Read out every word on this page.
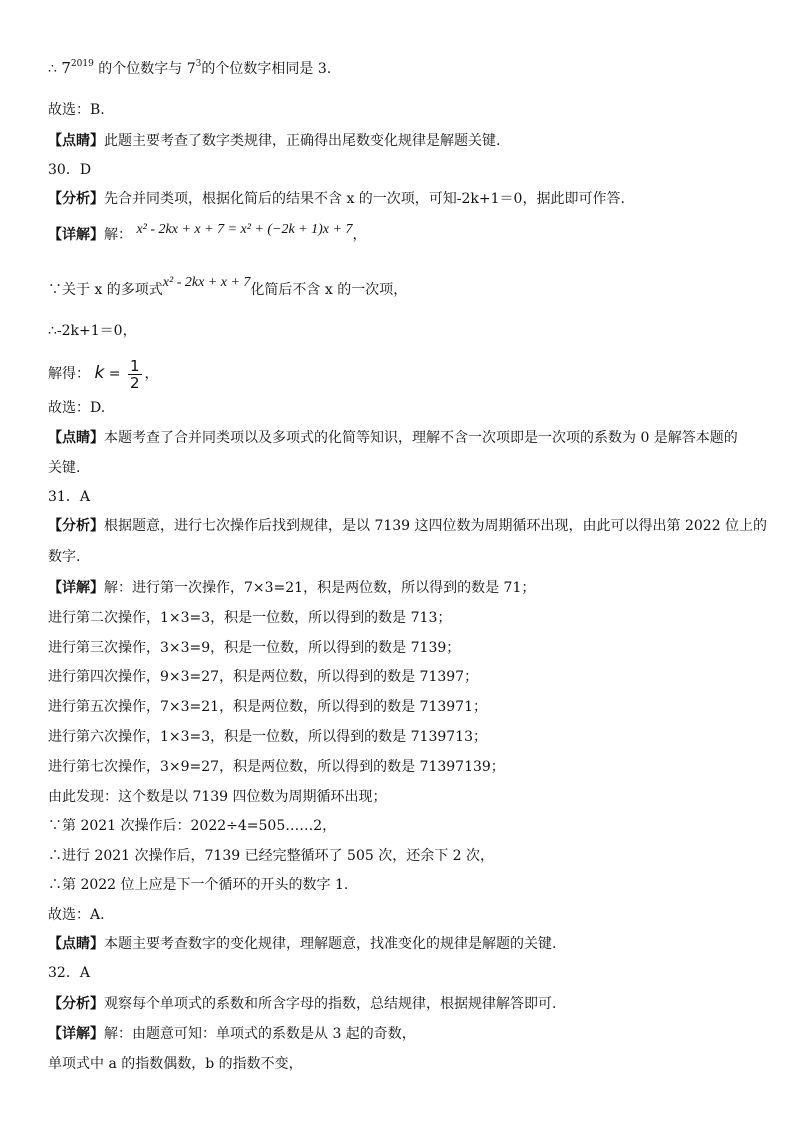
∴ $7^{2019}$ 的个位数字与 $7^3$的个位数字相同是 3.
故选：B.
【点睛】此题主要考查了数字类规律，正确得出尾数变化规律是解题关键.
30．D
【分析】先合并同类项，根据化简后的结果不含 x 的一次项，可知-2k+1＝0，据此即可作答.
【详解】解： x² - 2kx + x + 7 = x² + (−2k + 1)x + 7，
∵关于 x 的多项式x² - 2kx + x + 7化简后不含 x 的一次项，
∴-2k+1＝0，
解得： $k = \frac{1}{2}$ ，
故选：D.
【点睛】本题考查了合并同类项以及多项式的化简等知识，理解不含一次项即是一次项的系数为 0 是解答本题的
关键.
31．A
【分析】根据题意，进行七次操作后找到规律，是以 7139 这四位数为周期循环出现，由此可以得出第 2022 位上的
数字.
【详解】解：进行第一次操作，7×3=21，积是两位数，所以得到的数是 71；
进行第二次操作，1×3=3，积是一位数，所以得到的数是 713；
进行第三次操作，3×3=9，积是一位数，所以得到的数是 7139；
进行第四次操作，9×3=27，积是两位数，所以得到的数是 71397；
进行第五次操作，7×3=21，积是两位数，所以得到的数是 713971；
进行第六次操作，1×3=3，积是一位数，所以得到的数是 7139713；
进行第七次操作，3×9=27，积是两位数，所以得到的数是 71397139；
由此发现：这个数是以 7139 四位数为周期循环出现；
∵第 2021 次操作后：2022÷4=505……2，
∴进行 2021 次操作后，7139 已经完整循环了 505 次，还余下 2 次，
∴第 2022 位上应是下一个循环的开头的数字 1.
故选：A.
【点睛】本题主要考查数字的变化规律，理解题意，找准变化的规律是解题的关键.
32．A
【分析】观察每个单项式的系数和所含字母的指数，总结规律，根据规律解答即可.
【详解】解：由题意可知：单项式的系数是从 3 起的奇数，
单项式中 a 的指数偶数，b 的指数不变，
